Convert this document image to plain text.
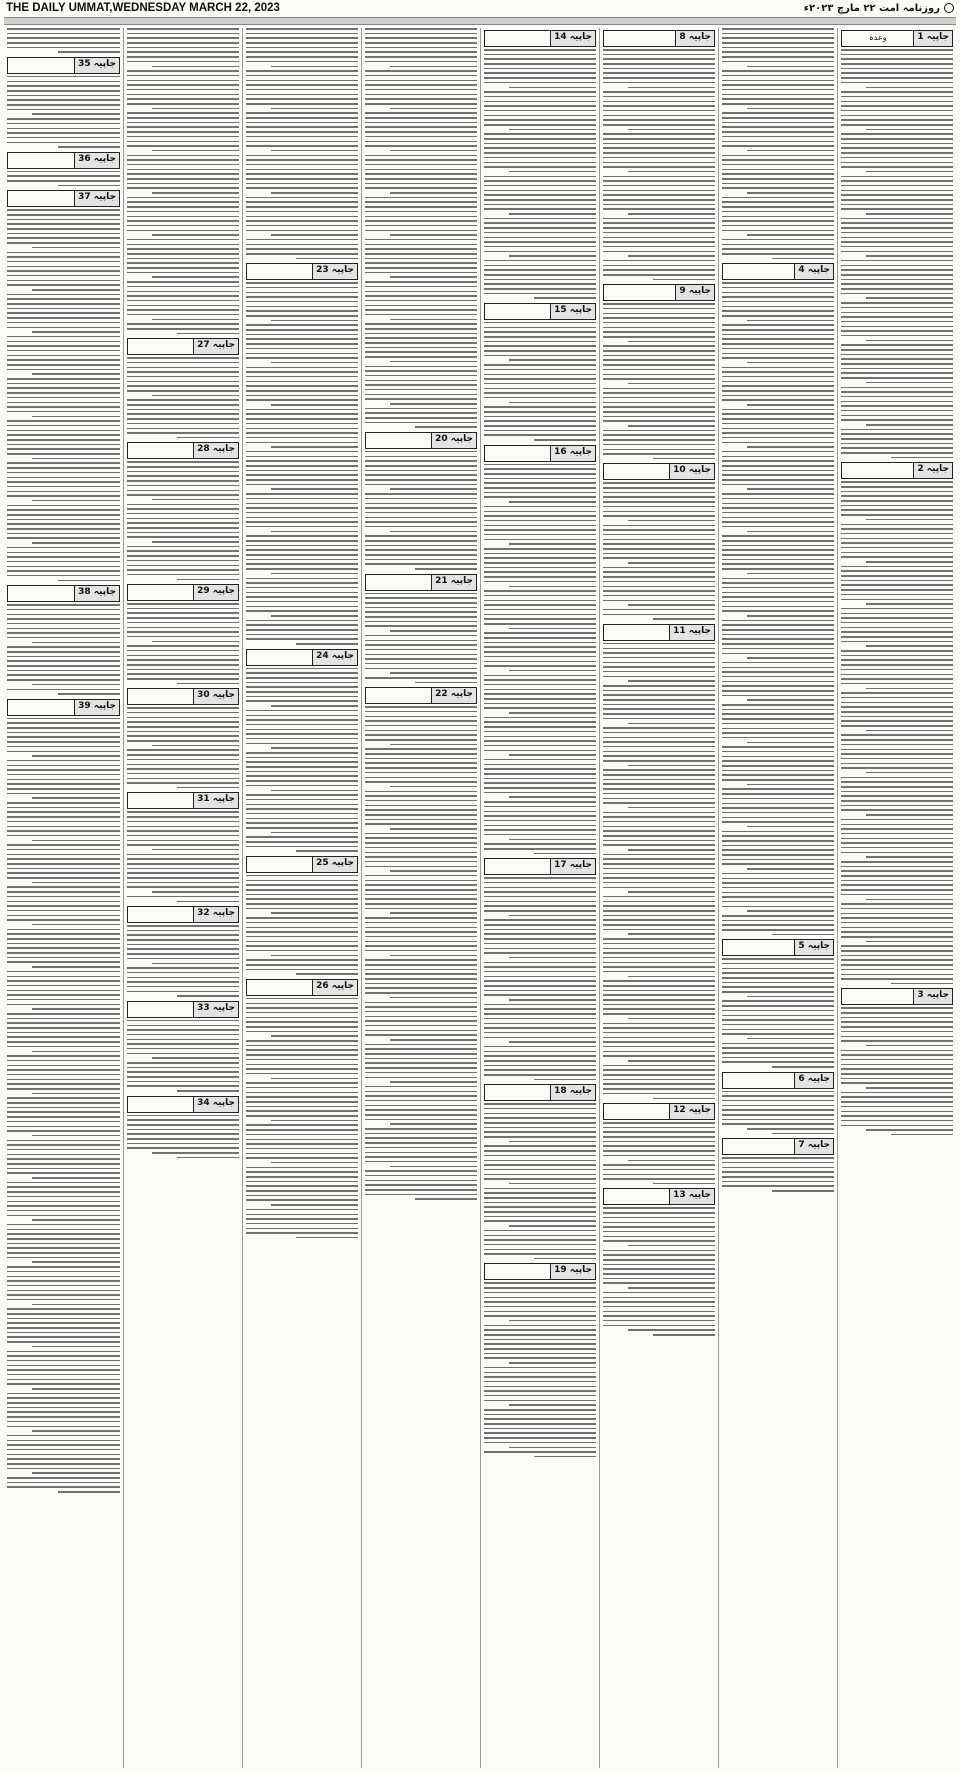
THE DAILY UMMAT,WEDNESDAY MARCH 22, 2023	روزنامہ امت ۲۲ مارچ ۲۰۲۳ء
جاپیہ 1
وعدہ
جاپیہ 2
جاپیہ 3
جاپیہ 4
جاپیہ 5
جاپیہ 6
جاپیہ 7
جاپیہ 8
جاپیہ 9
جاپیہ 10
جاپیہ 11
جاپیہ 12
جاپیہ 13
جاپیہ 14
جاپیہ 15
جاپیہ 16
جاپیہ 17
جاپیہ 18
جاپیہ 19
جاپیہ 20
جاپیہ 21
جاپیہ 22
جاپیہ 23
جاپیہ 24
جاپیہ 25
جاپیہ 26
جاپیہ 27
جاپیہ 28
جاپیہ 29
جاپیہ 30
جاپیہ 31
جاپیہ 32
جاپیہ 33
جاپیہ 34
جاپیہ 35
جاپیہ 36
جاپیہ 37
جاپیہ 38
جاپیہ 39
